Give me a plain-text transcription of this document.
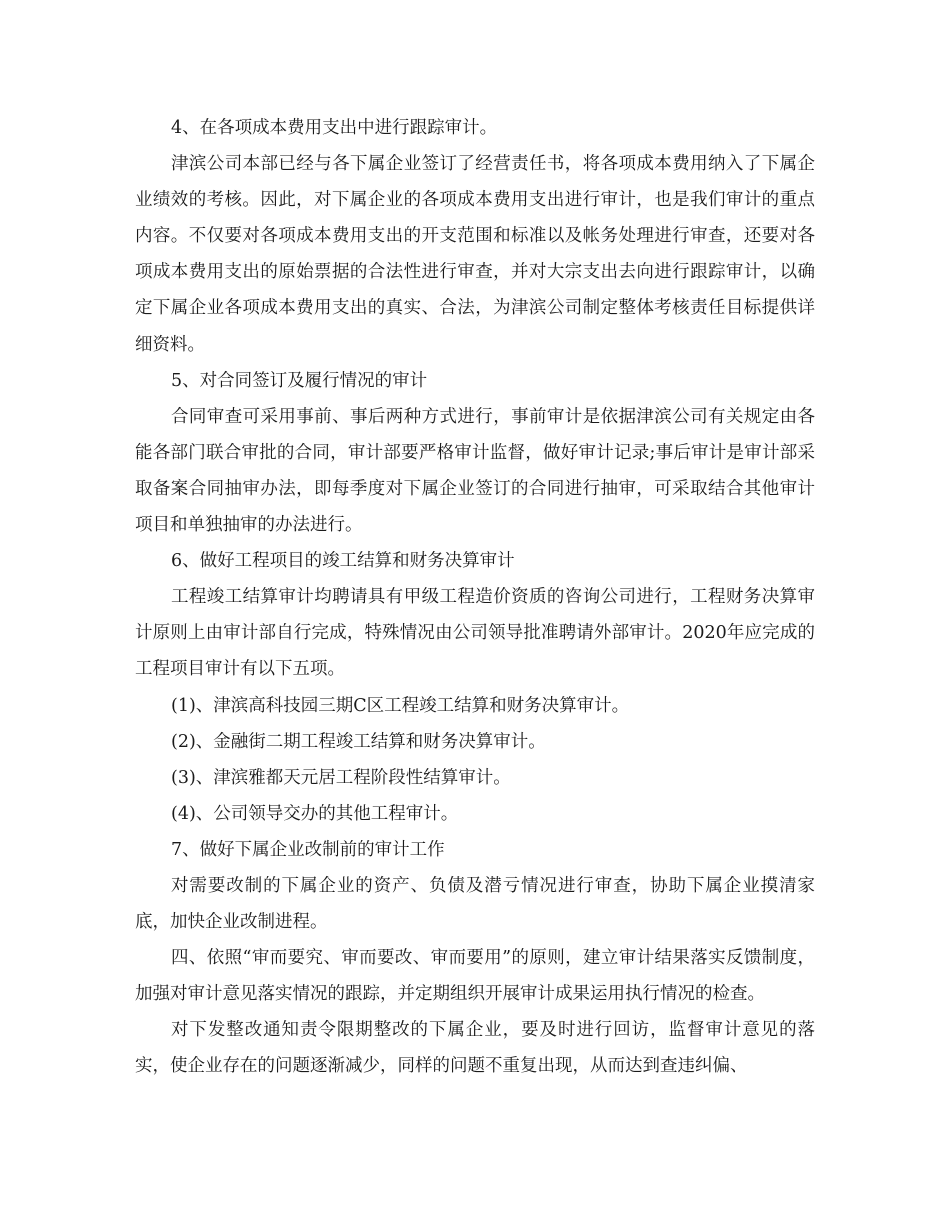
4、在各项成本费用支出中进行跟踪审计。

津滨公司本部已经与各下属企业签订了经营责任书，将各项成本费用纳入了下属企业绩效的考核。因此，对下属企业的各项成本费用支出进行审计，也是我们审计的重点内容。不仅要对各项成本费用支出的开支范围和标准以及帐务处理进行审查，还要对各项成本费用支出的原始票据的合法性进行审查，并对大宗支出去向进行跟踪审计，以确定下属企业各项成本费用支出的真实、合法，为津滨公司制定整体考核责任目标提供详细资料。

5、对合同签订及履行情况的审计

合同审查可采用事前、事后两种方式进行，事前审计是依据津滨公司有关规定由各能各部门联合审批的合同，审计部要严格审计监督，做好审计记录;事后审计是审计部采取备案合同抽审办法，即每季度对下属企业签订的合同进行抽审，可采取结合其他审计项目和单独抽审的办法进行。

6、做好工程项目的竣工结算和财务决算审计

工程竣工结算审计均聘请具有甲级工程造价资质的咨询公司进行，工程财务决算审计原则上由审计部自行完成，特殊情况由公司领导批准聘请外部审计。2020年应完成的工程项目审计有以下五项。

(1)、津滨高科技园三期C区工程竣工结算和财务决算审计。

(2)、金融街二期工程竣工结算和财务决算审计。

(3)、津滨雅都天元居工程阶段性结算审计。

(4)、公司领导交办的其他工程审计。

7、做好下属企业改制前的审计工作

对需要改制的下属企业的资产、负债及潜亏情况进行审查，协助下属企业摸清家底，加快企业改制进程。

四、依照“审而要究、审而要改、审而要用”的原则，建立审计结果落实反馈制度，加强对审计意见落实情况的跟踪，并定期组织开展审计成果运用执行情况的检查。

对下发整改通知责令限期整改的下属企业，要及时进行回访，监督审计意见的落实，使企业存在的问题逐渐减少，同样的问题不重复出现，从而达到查违纠偏、
